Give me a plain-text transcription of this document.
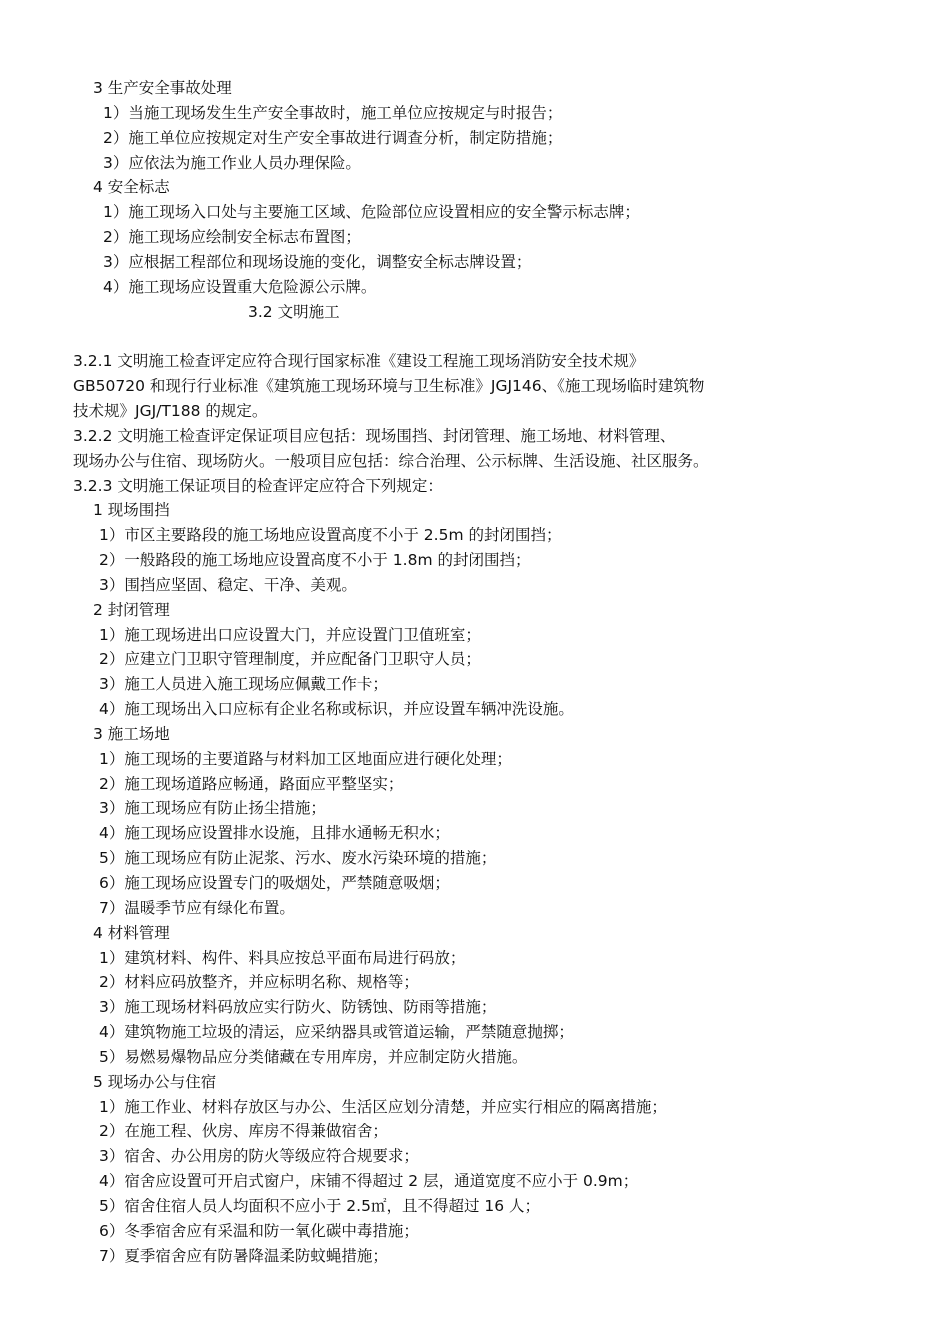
3 生产安全事故处理
1）当施工现场发生生产安全事故时，施工单位应按规定与时报告；
2）施工单位应按规定对生产安全事故进行调查分析，制定防措施；
3）应依法为施工作业人员办理保险。
4 安全标志
1）施工现场入口处与主要施工区域、危险部位应设置相应的安全警示标志牌；
2）施工现场应绘制安全标志布置图；
3）应根据工程部位和现场设施的变化，调整安全标志牌设置；
4）施工现场应设置重大危险源公示牌。
3.2 文明施工
3.2.1 文明施工检查评定应符合现行国家标准《建设工程施工现场消防安全技术规》
GB50720 和现行行业标准《建筑施工现场环境与卫生标准》JGJ146、《施工现场临时建筑物
技术规》JGJ/T188 的规定。
3.2.2 文明施工检查评定保证项目应包括：现场围挡、封闭管理、施工场地、材料管理、
现场办公与住宿、现场防火。一般项目应包括：综合治理、公示标牌、生活设施、社区服务。
3.2.3 文明施工保证项目的检查评定应符合下列规定：
1 现场围挡
1）市区主要路段的施工场地应设置高度不小于 2.5m 的封闭围挡；
2）一般路段的施工场地应设置高度不小于 1.8m 的封闭围挡；
3）围挡应坚固、稳定、干净、美观。
2 封闭管理
1）施工现场进出口应设置大门，并应设置门卫值班室；
2）应建立门卫职守管理制度，并应配备门卫职守人员；
3）施工人员进入施工现场应佩戴工作卡；
4）施工现场出入口应标有企业名称或标识，并应设置车辆冲洗设施。
3 施工场地
1）施工现场的主要道路与材料加工区地面应进行硬化处理；
2）施工现场道路应畅通，路面应平整坚实；
3）施工现场应有防止扬尘措施；
4）施工现场应设置排水设施，且排水通畅无积水；
5）施工现场应有防止泥浆、污水、废水污染环境的措施；
6）施工现场应设置专门的吸烟处，严禁随意吸烟；
7）温暖季节应有绿化布置。
4 材料管理
1）建筑材料、构件、料具应按总平面布局进行码放；
2）材料应码放整齐，并应标明名称、规格等；
3）施工现场材料码放应实行防火、防锈蚀、防雨等措施；
4）建筑物施工垃圾的清运，应采纳器具或管道运输，严禁随意抛掷；
5）易燃易爆物品应分类储藏在专用库房，并应制定防火措施。
5 现场办公与住宿
1）施工作业、材料存放区与办公、生活区应划分清楚，并应实行相应的隔离措施；
2）在施工程、伙房、库房不得兼做宿舍；
3）宿舍、办公用房的防火等级应符合规要求；
4）宿舍应设置可开启式窗户，床铺不得超过 2 层，通道宽度不应小于 0.9m；
5）宿舍住宿人员人均面积不应小于 2.5㎡，且不得超过 16 人；
6）冬季宿舍应有采温和防一氧化碳中毒措施；
7）夏季宿舍应有防暑降温柔防蚊蝇措施；
